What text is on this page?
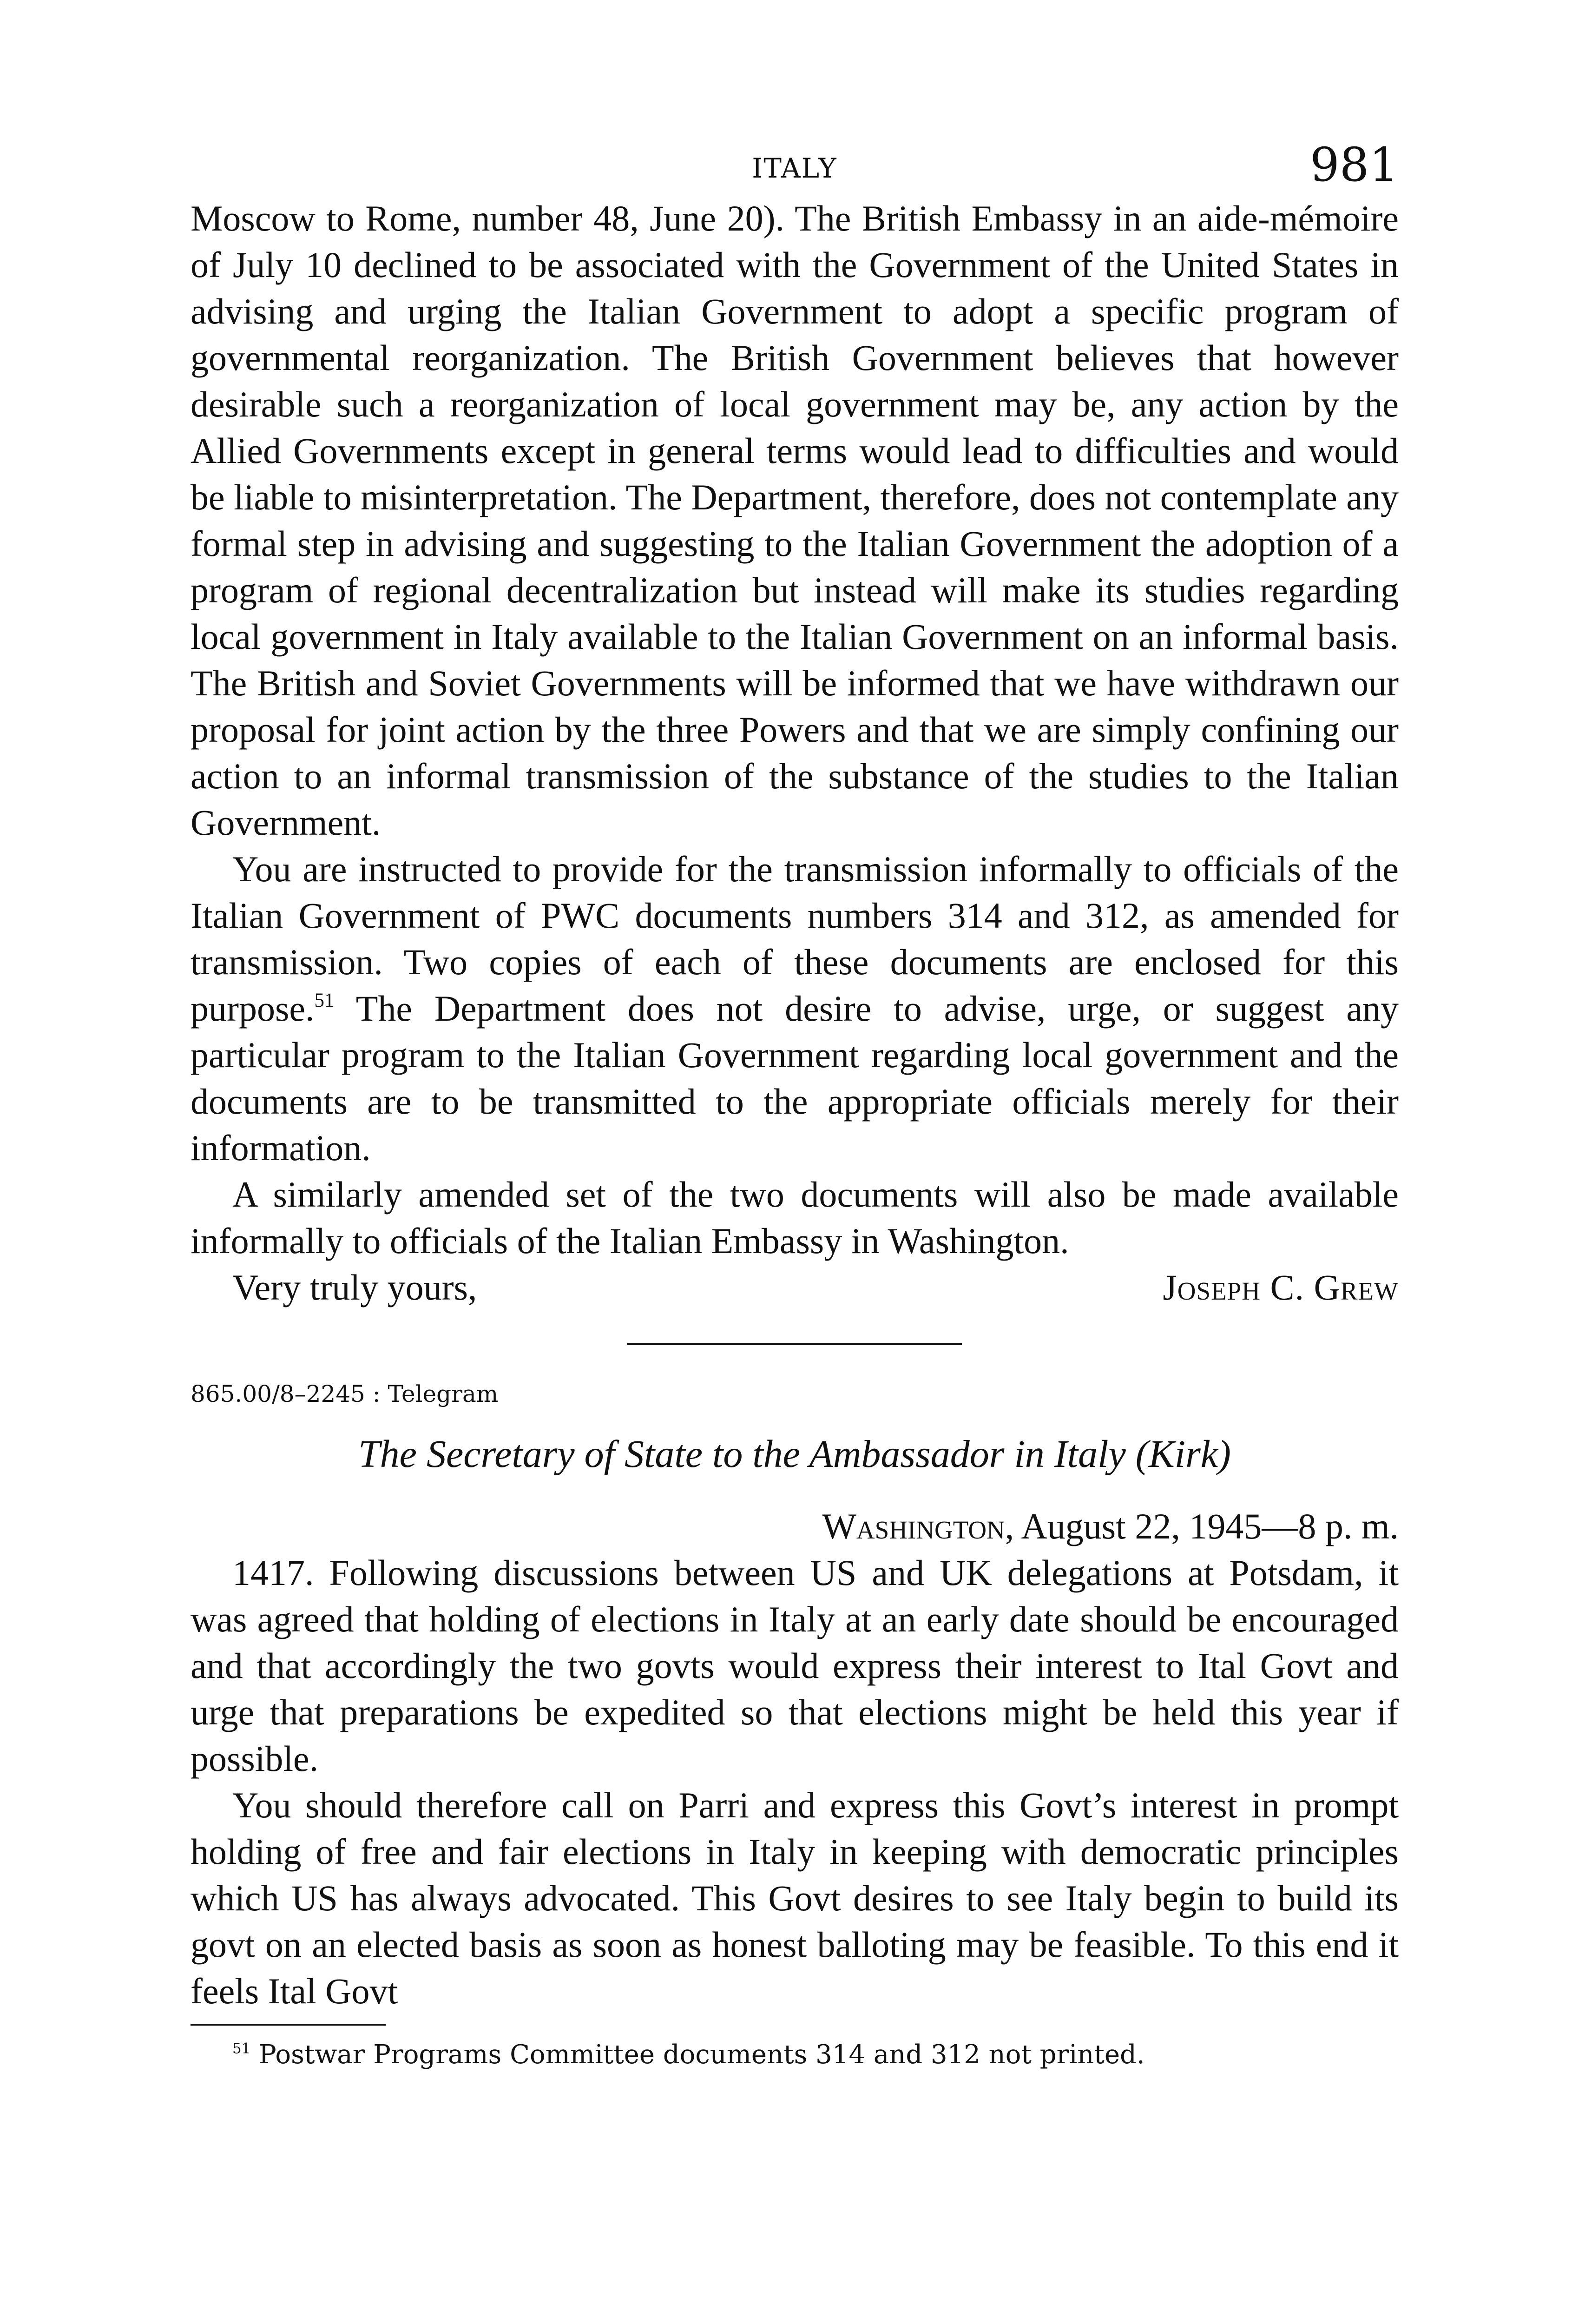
ITALY	981

Moscow to Rome, number 48, June 20). The British Embassy in an aide-mémoire of July 10 declined to be associated with the Government of the United States in advising and urging the Italian Government to adopt a specific program of governmental reorganization. The British Government believes that however desirable such a reorganization of local government may be, any action by the Allied Governments except in general terms would lead to difficulties and would be liable to misinterpretation. The Department, therefore, does not contemplate any formal step in advising and suggesting to the Italian Government the adoption of a program of regional decentralization but instead will make its studies regarding local government in Italy available to the Italian Government on an informal basis. The British and Soviet Governments will be informed that we have withdrawn our proposal for joint action by the three Powers and that we are simply confining our action to an informal transmission of the substance of the studies to the Italian Government.

You are instructed to provide for the transmission informally to officials of the Italian Government of PWC documents numbers 314 and 312, as amended for transmission. Two copies of each of these documents are enclosed for this purpose.$^{51}$ The Department does not desire to advise, urge, or suggest any particular program to the Italian Government regarding local government and the documents are to be transmitted to the appropriate officials merely for their information.

A similarly amended set of the two documents will also be made available informally to officials of the Italian Embassy in Washington.

Very truly yours,	Joseph C. Grew

865.00/8–2245 : Telegram

The Secretary of State to the Ambassador in Italy (Kirk)

Washington, August 22, 1945—8 p. m.

1417. Following discussions between US and UK delegations at Potsdam, it was agreed that holding of elections in Italy at an early date should be encouraged and that accordingly the two govts would express their interest to Ital Govt and urge that preparations be expedited so that elections might be held this year if possible.

You should therefore call on Parri and express this Govt’s interest in prompt holding of free and fair elections in Italy in keeping with democratic principles which US has always advocated. This Govt desires to see Italy begin to build its govt on an elected basis as soon as honest balloting may be feasible. To this end it feels Ital Govt

$^{51}$ Postwar Programs Committee documents 314 and 312 not printed.
